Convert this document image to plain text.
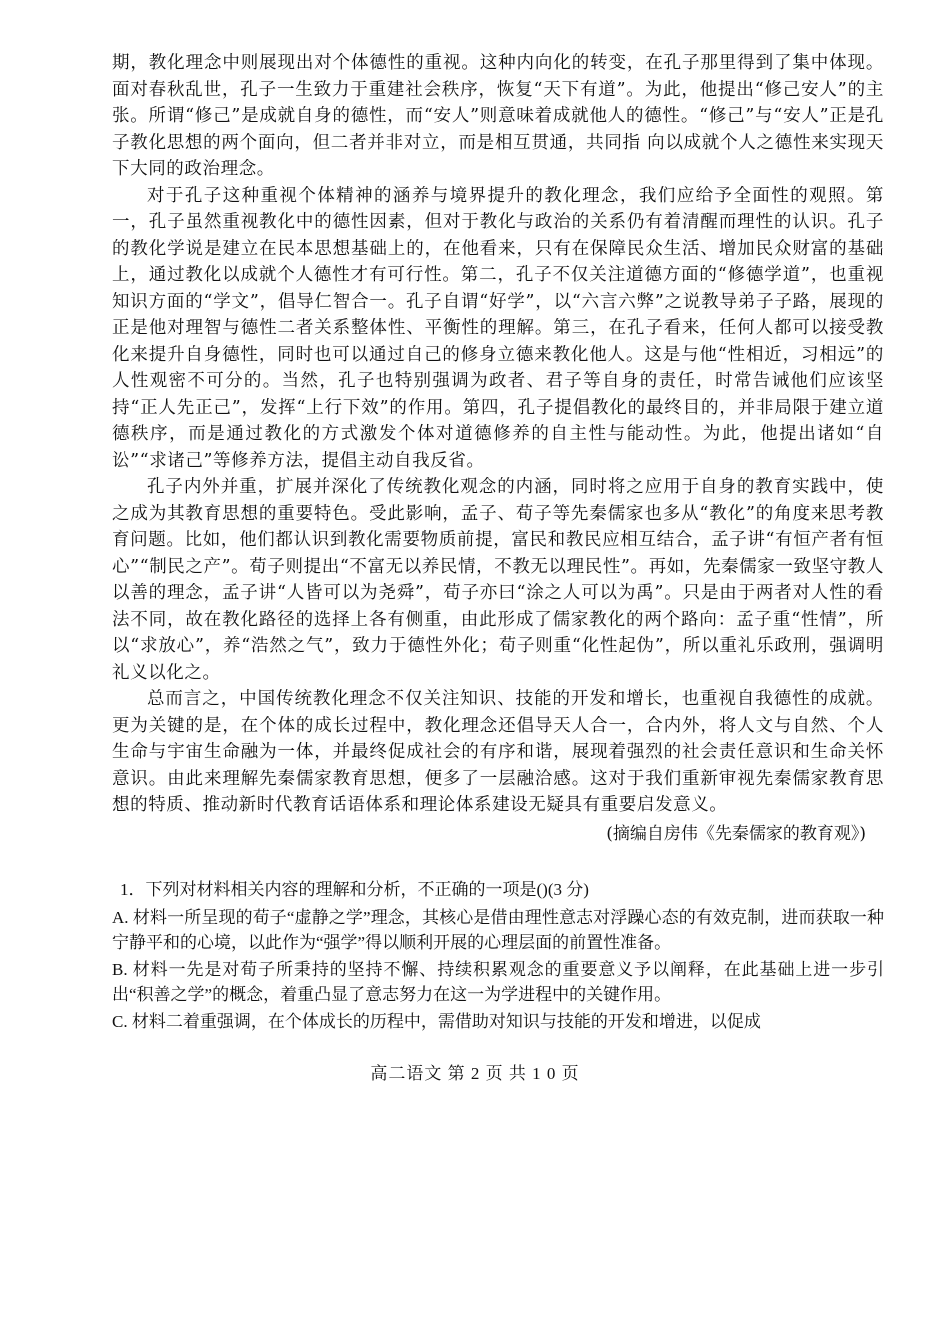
期，教化理念中则展现出对个体德性的重视。这种内向化的转变，在孔子那里得到了集中体现。面对春秋乱世，孔子一生致力于重建社会秩序，恢复“天下有道”。为此，他提出“修己安人”的主张。所谓“修己”是成就自身的德性，而“安人”则意味着成就他人的德性。“修己”与“安人”正是孔子教化思想的两个面向，但二者并非对立，而是相互贯通，共同指 向以成就个人之德性来实现天下大同的政治理念。

对于孔子这种重视个体精神的涵养与境界提升的教化理念，我们应给予全面性的观照。第一，孔子虽然重视教化中的德性因素，但对于教化与政治的关系仍有着清醒而理性的认识。孔子的教化学说是建立在民本思想基础上的，在他看来，只有在保障民众生活、增加民众财富的基础上，通过教化以成就个人德性才有可行性。第二，孔子不仅关注道德方面的“修德学道”，也重视知识方面的“学文”，倡导仁智合一。孔子自谓“好学”，以“六言六弊”之说教导弟子子路，展现的正是他对理智与德性二者关系整体性、平衡性的理解。第三，在孔子看来，任何人都可以接受教化来提升自身德性，同时也可以通过自己的修身立德来教化他人。这是与他“性相近，习相远”的人性观密不可分的。当然，孔子也特别强调为政者、君子等自身的责任，时常告诫他们应该坚持“正人先正己”，发挥“上行下效”的作用。第四，孔子提倡教化的最终目的，并非局限于建立道德秩序，而是通过教化的方式激发个体对道德修养的自主性与能动性。为此，他提出诸如“自讼”“求诸己”等修养方法，提倡主动自我反省。

孔子内外并重，扩展并深化了传统教化观念的内涵，同时将之应用于自身的教育实践中，使之成为其教育思想的重要特色。受此影响，孟子、荀子等先秦儒家也多从“教化”的角度来思考教育问题。比如，他们都认识到教化需要物质前提，富民和教民应相互结合，孟子讲“有恒产者有恒心”“制民之产”。荀子则提出“不富无以养民情，不教无以理民性”。再如，先秦儒家一致坚守教人以善的理念，孟子讲“人皆可以为尧舜”，荀子亦曰“涂之人可以为禹”。只是由于两者对人性的看法不同，故在教化路径的选择上各有侧重，由此形成了儒家教化的两个路向：孟子重“性情”，所以“求放心”，养“浩然之气”，致力于德性外化；荀子则重“化性起伪”，所以重礼乐政刑，强调明礼义以化之。

总而言之，中国传统教化理念不仅关注知识、技能的开发和增长，也重视自我德性的成就。更为关键的是，在个体的成长过程中，教化理念还倡导天人合一，合内外，将人文与自然、个人生命与宇宙生命融为一体，并最终促成社会的有序和谐，展现着强烈的社会责任意识和生命关怀意识。由此来理解先秦儒家教育思想，便多了一层融洽感。这对于我们重新审视先秦儒家教育思想的特质、推动新时代教育话语体系和理论体系建设无疑具有重要启发意义。

(摘编自房伟《先秦儒家的教育观》)

1．下列对材料相关内容的理解和分析，不正确的一项是()(3 分)

A. 材料一所呈现的荀子“虚静之学”理念，其核心是借由理性意志对浮躁心态的有效克制，进而获取一种宁静平和的心境，以此作为“强学”得以顺利开展的心理层面的前置性准备。

B. 材料一先是对荀子所秉持的坚持不懈、持续积累观念的重要意义予以阐释，在此基础上进一步引出“积善之学”的概念，着重凸显了意志努力在这一为学进程中的关键作用。

C. 材料二着重强调，在个体成长的历程中，需借助对知识与技能的开发和增进，以促成

高二语文 第 2 页 共 1 0 页
